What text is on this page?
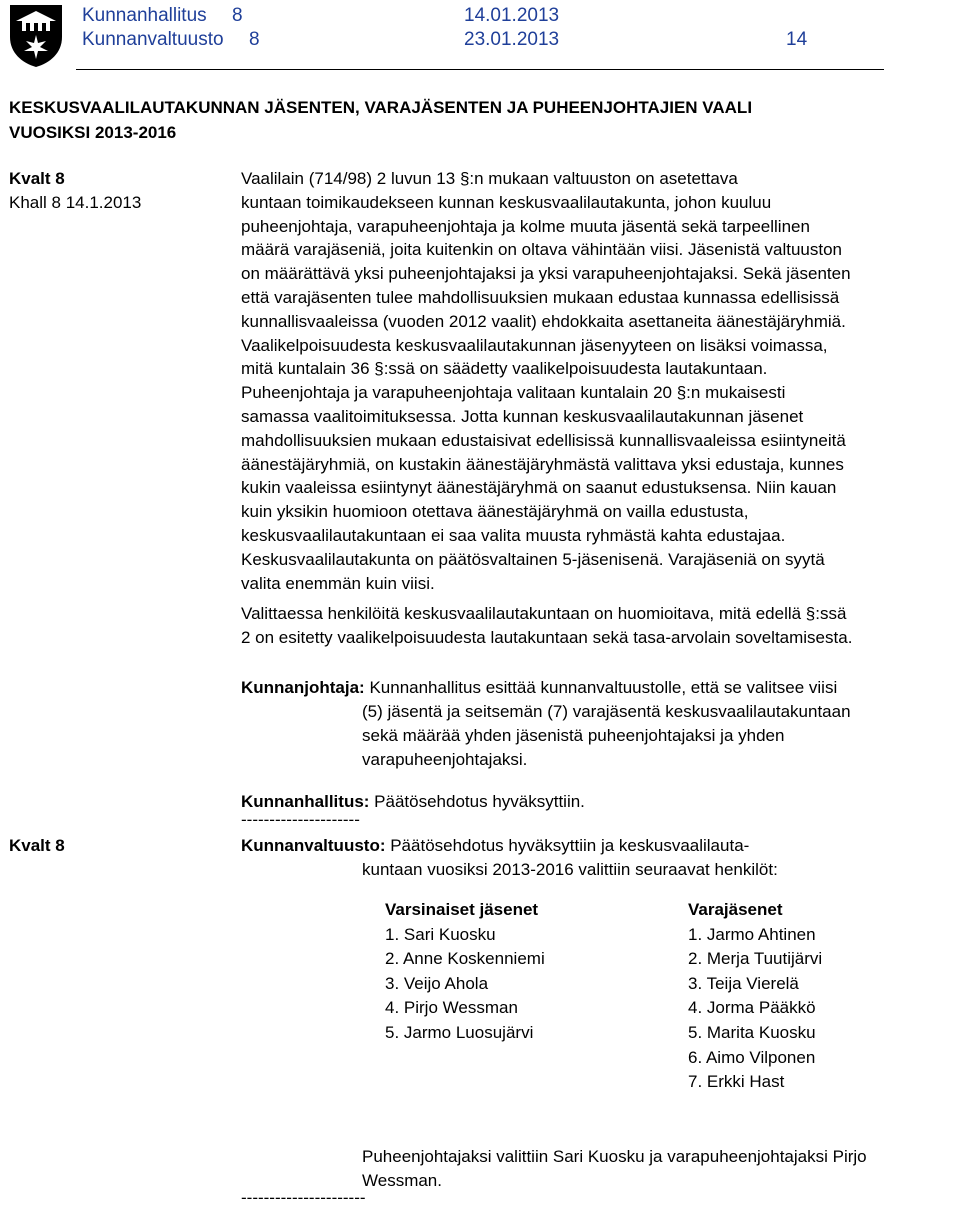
Kunnanhallitus 8	14.01.2013
Kunnanvaltuusto 8	23.01.2013	14
KESKUSVAALILAUTAKUNNAN JÄSENTEN, VARAJÄSENTEN JA PUHEENJOHTAJIEN VAALI
VUOSIKSI 2013-2016
Kvalt 8
Khall 8 14.1.2013
Kvalt 8
Vaalilain (714/98) 2 luvun 13 §:n mukaan valtuuston on asetettava
kuntaan toimikaudekseen kunnan keskusvaalilautakunta, johon kuuluu
puheenjohtaja, varapuheenjohtaja ja kolme muuta jäsentä sekä tarpeellinen
määrä varajäseniä, joita kuitenkin on oltava vähintään viisi. Jäsenistä valtuuston
on määrättävä yksi puheenjohtajaksi ja yksi varapuheenjohtajaksi. Sekä jäsenten
että varajäsenten tulee mahdollisuuksien mukaan edustaa kunnassa edellisissä
kunnallisvaaleissa (vuoden 2012 vaalit) ehdokkaita asettaneita äänestäjäryhmiä.
Vaalikelpoisuudesta keskusvaalilautakunnan jäsenyyteen on lisäksi voimassa,
mitä kuntalain 36 §:ssä on säädetty vaalikelpoisuudesta lautakuntaan.
Puheenjohtaja ja varapuheenjohtaja valitaan kuntalain 20 §:n mukaisesti
samassa vaalitoimituksessa. Jotta kunnan keskusvaalilautakunnan jäsenet
mahdollisuuksien mukaan edustaisivat edellisissä kunnallisvaaleissa esiintyneitä
äänestäjäryhmiä, on kustakin äänestäjäryhmästä valittava yksi edustaja, kunnes
kukin vaaleissa esiintynyt äänestäjäryhmä on saanut edustuksensa. Niin kauan
kuin yksikin huomioon otettava äänestäjäryhmä on vailla edustusta,
keskusvaalilautakuntaan ei saa valita muusta ryhmästä kahta edustajaa.
Keskusvaalilautakunta on päätösvaltainen 5-jäsenisenä. Varajäseniä on syytä
valita enemmän kuin viisi.
Valittaessa henkilöitä keskusvaalilautakuntaan on huomioitava, mitä edellä §:ssä
2 on esitetty vaalikelpoisuudesta lautakuntaan sekä tasa-arvolain soveltamisesta.
Kunnanjohtaja: Kunnanhallitus esittää kunnanvaltuustolle, että se valitsee viisi
(5) jäsentä ja seitsemän (7) varajäsentä keskusvaalilautakuntaan
sekä määrää yhden jäsenistä puheenjohtajaksi ja yhden
varapuheenjohtajaksi.
Kunnanhallitus: Päätösehdotus hyväksyttiin.
---------------------
Kunnanvaltuusto: Päätösehdotus hyväksyttiin ja keskusvaalilauta-
kuntaan vuosiksi 2013-2016 valittiin seuraavat henkilöt:
Varsinaiset jäsenet
1. Sari Kuosku
2. Anne Koskenniemi
3. Veijo Ahola
4. Pirjo Wessman
5. Jarmo Luosujärvi
Varajäsenet
1. Jarmo Ahtinen
2. Merja Tuutijärvi
3. Teija Vierelä
4. Jorma Pääkkö
5. Marita Kuosku
6. Aimo Vilponen
7. Erkki Hast
Puheenjohtajaksi valittiin Sari Kuosku ja varapuheenjohtajaksi Pirjo
Wessman.
----------------------
